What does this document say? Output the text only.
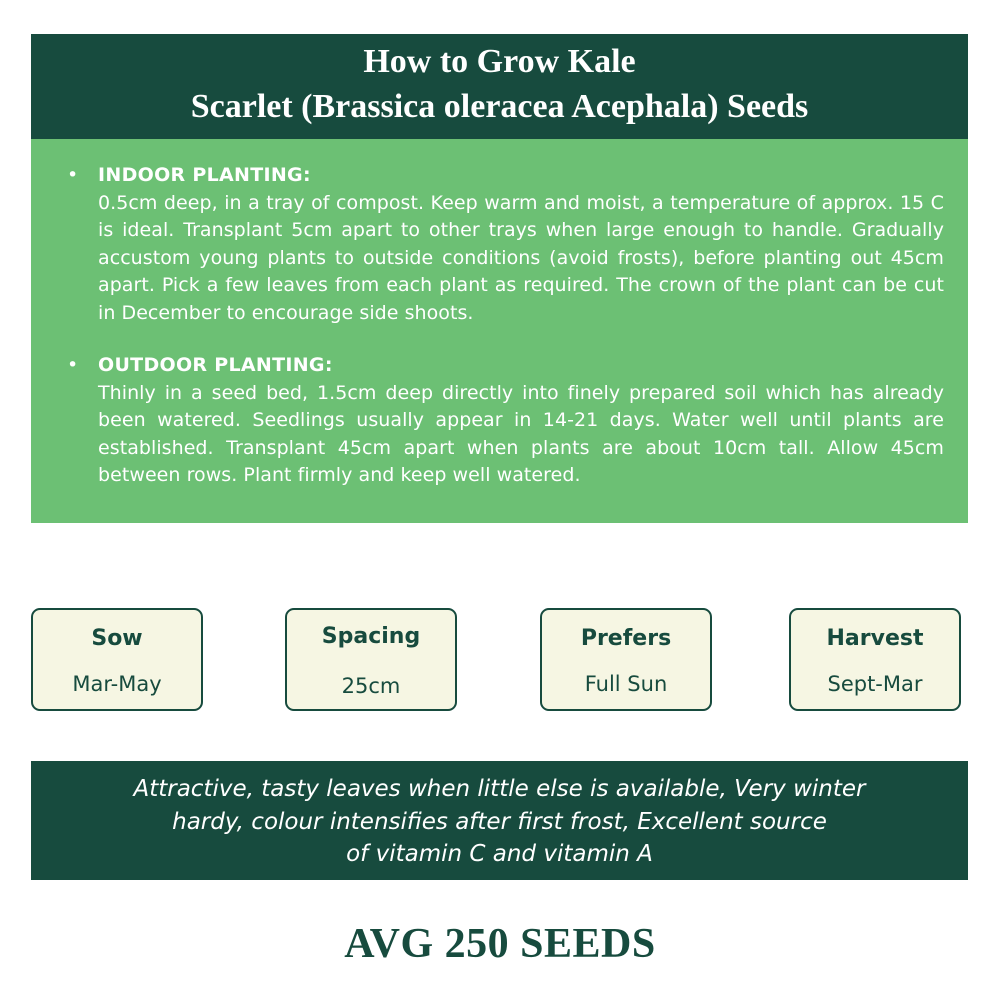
How to Grow Kale
Scarlet (Brassica oleracea Acephala) Seeds
• INDOOR PLANTING:
0.5cm deep, in a tray of compost. Keep warm and moist, a temperature of approx. 15 C is ideal. Transplant 5cm apart to other trays when large enough to handle. Gradually accustom young plants to outside conditions (avoid frosts), before planting out 45cm apart. Pick a few leaves from each plant as required. The crown of the plant can be cut in December to encourage side shoots.
• OUTDOOR PLANTING:
Thinly in a seed bed, 1.5cm deep directly into finely prepared soil which has already been watered. Seedlings usually appear in 14-21 days. Water well until plants are established. Transplant 45cm apart when plants are about 10cm tall. Allow 45cm between rows. Plant firmly and keep well watered.
Sow
Mar-May
Spacing
25cm
Prefers
Full Sun
Harvest
Sept-Mar
Attractive, tasty leaves when little else is available, Very winter
hardy, colour intensifies after first frost, Excellent source
of vitamin C and vitamin A
AVG 250 SEEDS
